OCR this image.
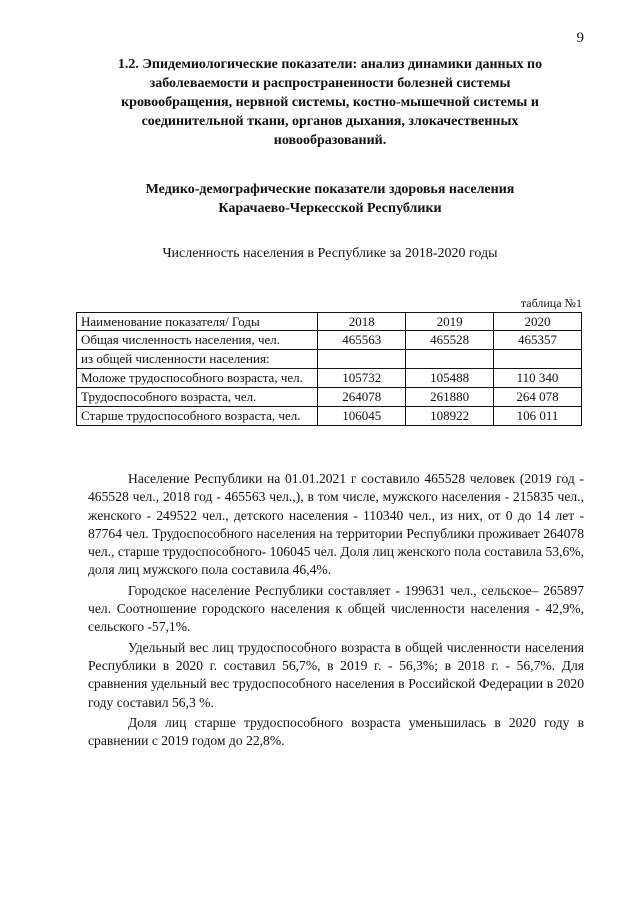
9
1.2. Эпидемиологические показатели: анализ динамики данных по
заболеваемости и распространенности болезней системы
кровообращения, нервной системы, костно-мышечной системы и
соединительной ткани, органов дыхания, злокачественных
новообразований.
Медико-демографические показатели здоровья населения
Карачаево-Черкесской Республики
Численность населения в Республике за 2018-2020 годы
таблица №1
Наименование показателя/ Годы	2018	2019	2020
Общая численность населения, чел.	465563	465528	465357
из общей численности населения:			
Моложе трудоспособного возраста, чел.	105732	105488	110 340
Трудоспособного возраста, чел.	264078	261880	264 078
Старше трудоспособного возраста, чел.	106045	108922	106 011

Население Республики на 01.01.2021 г составило 465528 человек (2019 год - 465528 чел., 2018 год - 465563 чел.,), в том числе, мужского населения - 215835 чел., женского - 249522 чел., детского населения - 110340 чел., из них, от 0 до 14 лет - 87764 чел. Трудоспособного населения на территории Республики проживает 264078 чел., старше трудоспособного- 106045 чел. Доля лиц женского пола составила 53,6%, доля лиц мужского пола составила 46,4%.

Городское население Республики составляет - 199631 чел., сельское– 265897 чел. Соотношение городского населения к общей численности населения - 42,9%, сельского -57,1%.

Удельный вес лиц трудоспособного возраста в общей численности населения Республики в 2020 г. составил 56,7%, в 2019 г. - 56,3%; в 2018 г. - 56,7%. Для сравнения удельный вес трудоспособного населения в Российской Федерации в 2020 году составил 56,3 %.

Доля лиц старше трудоспособного возраста уменьшилась в 2020 году в сравнении с 2019 годом до 22,8%.
